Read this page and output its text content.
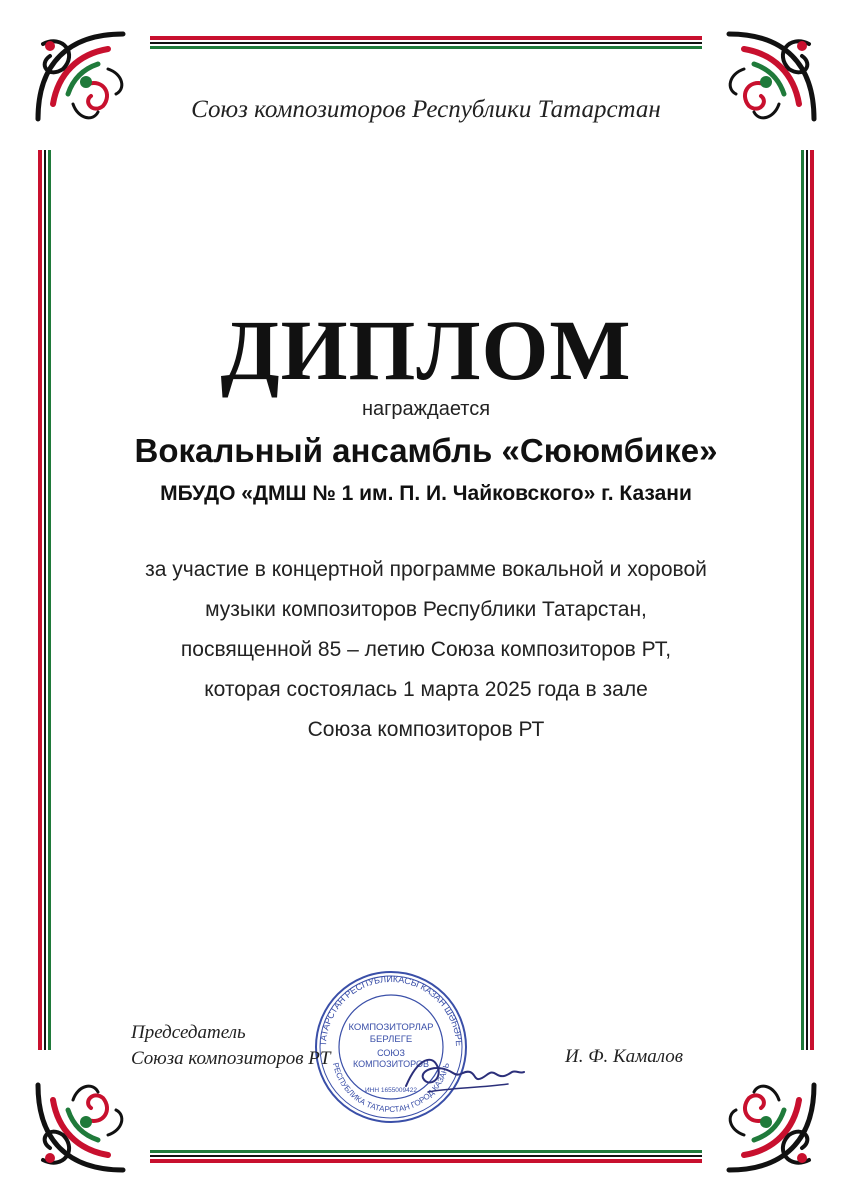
Союз композиторов Республики Татарстан
ДИПЛОМ
награждается
Вокальный ансамбль «Сююмбике»
МБУДО «ДМШ № 1 им. П. И. Чайковского» г. Казани
за участие в концертной программе вокальной и хоровой
музыки композиторов Республики Татарстан,
посвященной 85 – летию Союза композиторов РТ,
которая состоялась 1 марта 2025 года в зале
Союза композиторов РТ
ТАТАРСТАН РЕСПУБЛИКАСЫ КАЗАН ШӘҺӘРЕ
РЕСПУБЛИКА ТАТАРСТАН ГОРОД КАЗАНЬ
КОМПОЗИТОРЛАР
БЕРЛЕГЕ
СОЮЗ
КОМПОЗИТОРОВ
ИНН 1655009422
Председатель
Союза композиторов РТ	И. Ф. Камалов
